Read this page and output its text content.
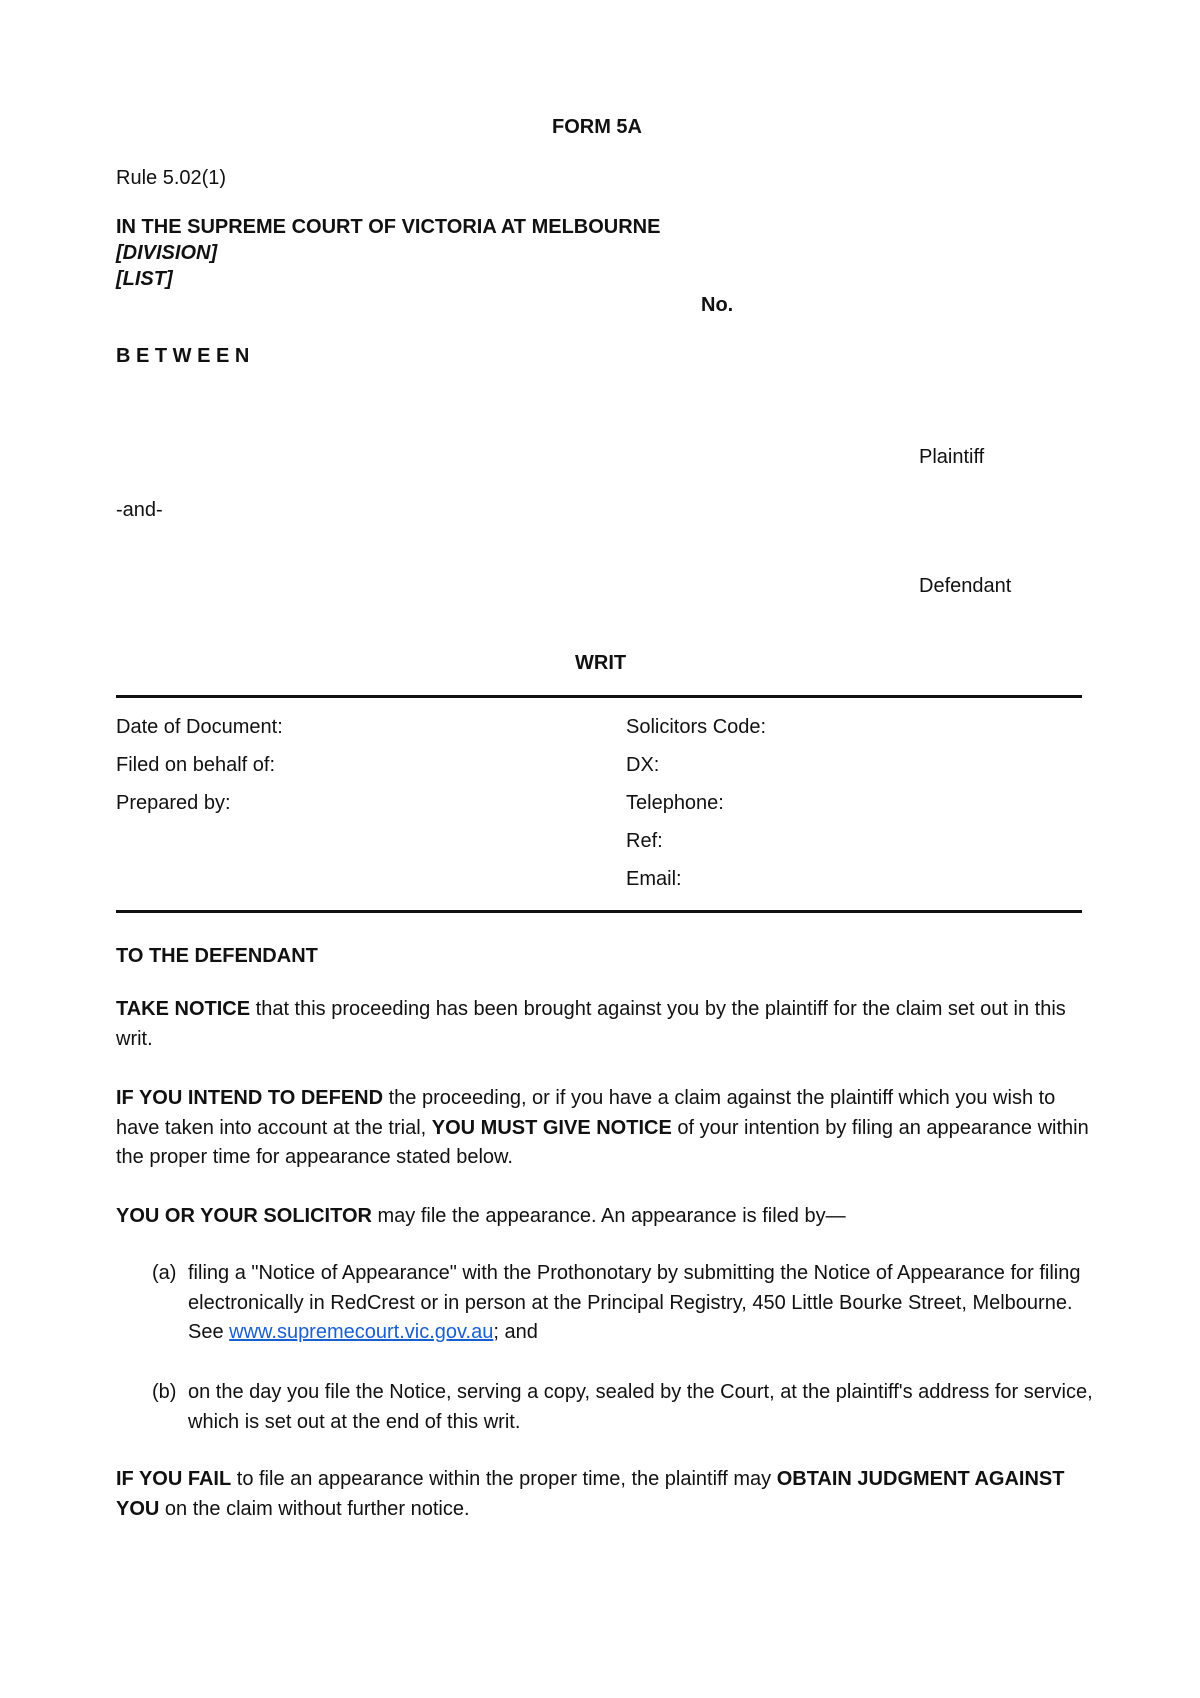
FORM 5A
Rule 5.02(1)
IN THE SUPREME COURT OF VICTORIA AT MELBOURNE
[DIVISION]
[LIST]
No.
B E T W E E N
Plaintiff
-and-
Defendant
WRIT
Date of Document:
Filed on behalf of:
Prepared by:
Solicitors Code:
DX:
Telephone:
Ref:
Email:
TO THE DEFENDANT
TAKE NOTICE that this proceeding has been brought against you by the plaintiff for the claim set out in this writ.
IF YOU INTEND TO DEFEND the proceeding, or if you have a claim against the plaintiff which you wish to have taken into account at the trial, YOU MUST GIVE NOTICE of your intention by filing an appearance within the proper time for appearance stated below.
YOU OR YOUR SOLICITOR may file the appearance. An appearance is filed by—
(a) filing a "Notice of Appearance" with the Prothonotary by submitting the Notice of Appearance for filing electronically in RedCrest or in person at the Principal Registry, 450 Little Bourke Street, Melbourne. See www.supremecourt.vic.gov.au; and
(b) on the day you file the Notice, serving a copy, sealed by the Court, at the plaintiff's address for service, which is set out at the end of this writ.
IF YOU FAIL to file an appearance within the proper time, the plaintiff may OBTAIN JUDGMENT AGAINST YOU on the claim without further notice.
